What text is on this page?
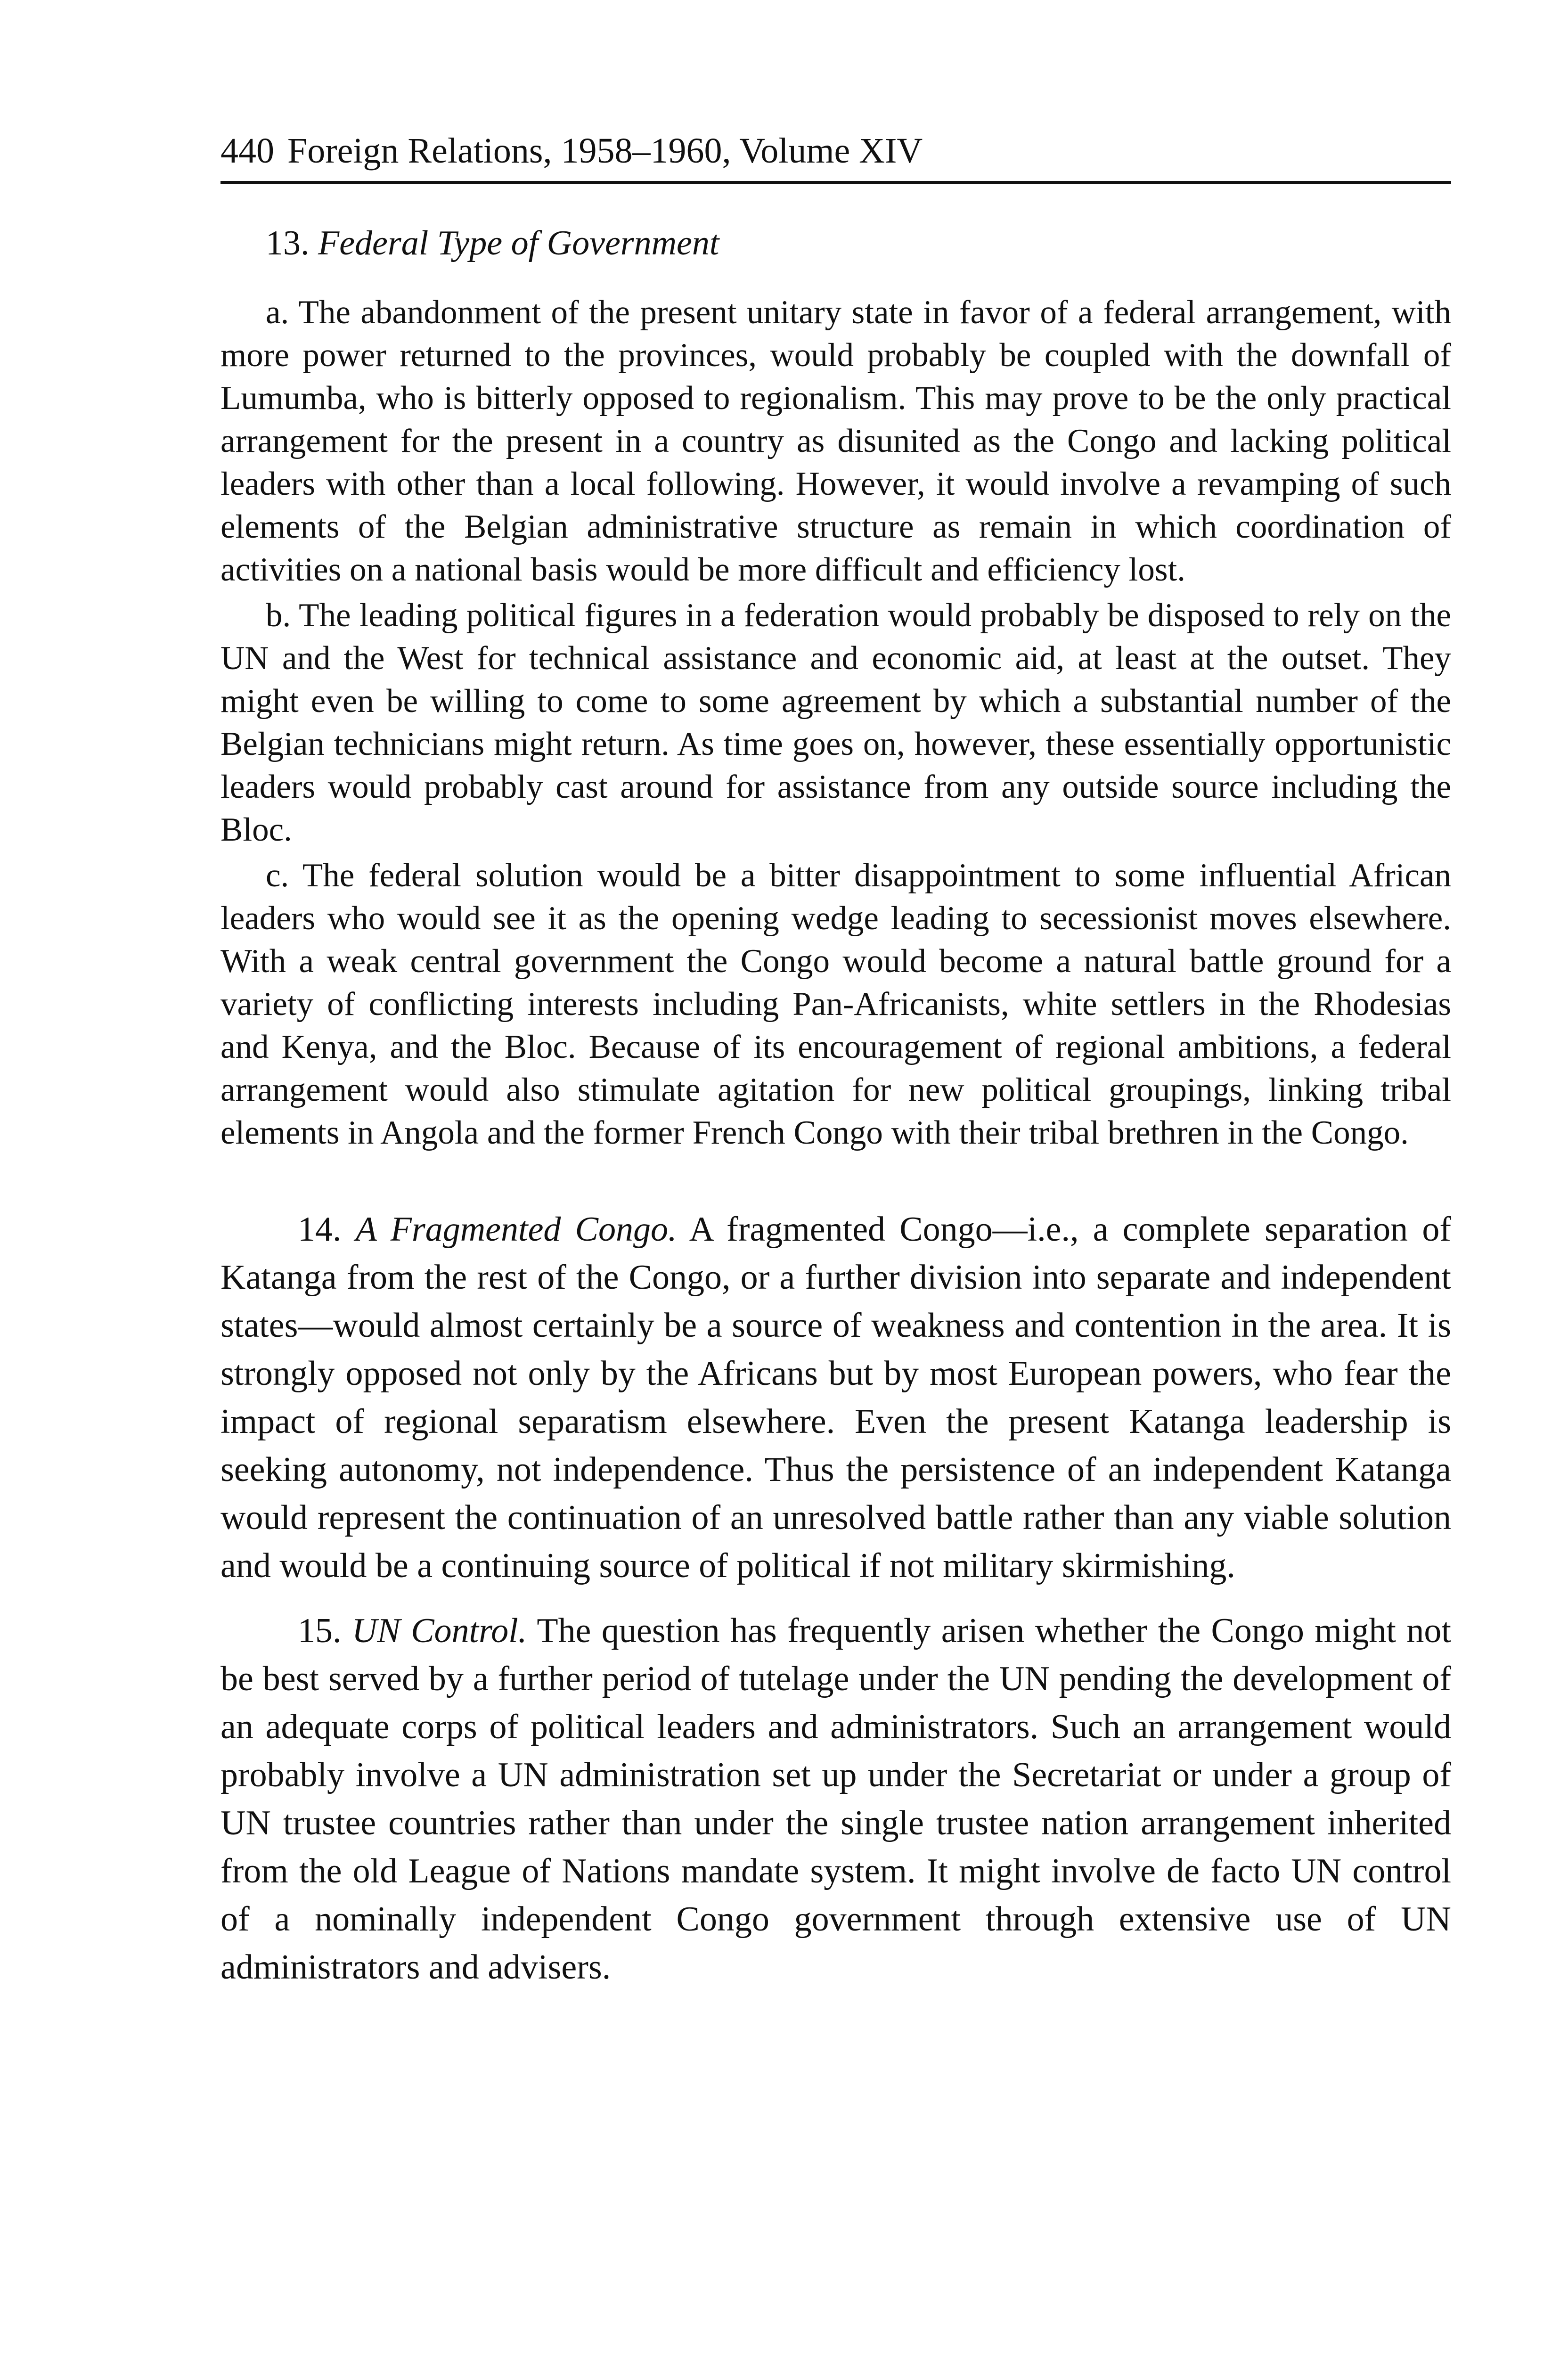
440 Foreign Relations, 1958–1960, Volume XIV
13. Federal Type of Government

a. The abandonment of the present unitary state in favor of a federal arrangement, with more power returned to the provinces, would probably be coupled with the downfall of Lumumba, who is bitterly opposed to regionalism. This may prove to be the only practical arrangement for the present in a country as disunited as the Congo and lacking political leaders with other than a local following. However, it would involve a revamping of such elements of the Belgian administrative structure as remain in which coordination of activities on a national basis would be more difficult and efficiency lost.

b. The leading political figures in a federation would probably be disposed to rely on the UN and the West for technical assistance and economic aid, at least at the outset. They might even be willing to come to some agreement by which a substantial number of the Belgian technicians might return. As time goes on, however, these essentially opportunistic leaders would probably cast around for assistance from any outside source including the Bloc.

c. The federal solution would be a bitter disappointment to some influential African leaders who would see it as the opening wedge leading to secessionist moves elsewhere. With a weak central government the Congo would become a natural battle ground for a variety of conflicting interests including Pan-Africanists, white settlers in the Rhodesias and Kenya, and the Bloc. Because of its encouragement of regional ambitions, a federal arrangement would also stimulate agitation for new political groupings, linking tribal elements in Angola and the former French Congo with their tribal brethren in the Congo.

14. A Fragmented Congo. A fragmented Congo—i.e., a complete separation of Katanga from the rest of the Congo, or a further division into separate and independent states—would almost certainly be a source of weakness and contention in the area. It is strongly opposed not only by the Africans but by most European powers, who fear the impact of regional separatism elsewhere. Even the present Katanga leadership is seeking autonomy, not independence. Thus the persistence of an independent Katanga would represent the continuation of an unresolved battle rather than any viable solution and would be a continuing source of political if not military skirmishing.

15. UN Control. The question has frequently arisen whether the Congo might not be best served by a further period of tutelage under the UN pending the development of an adequate corps of political leaders and administrators. Such an arrangement would probably involve a UN administration set up under the Secretariat or under a group of UN trustee countries rather than under the single trustee nation arrangement inherited from the old League of Nations mandate system. It might involve de facto UN control of a nominally independent Congo government through extensive use of UN administrators and advisers.
